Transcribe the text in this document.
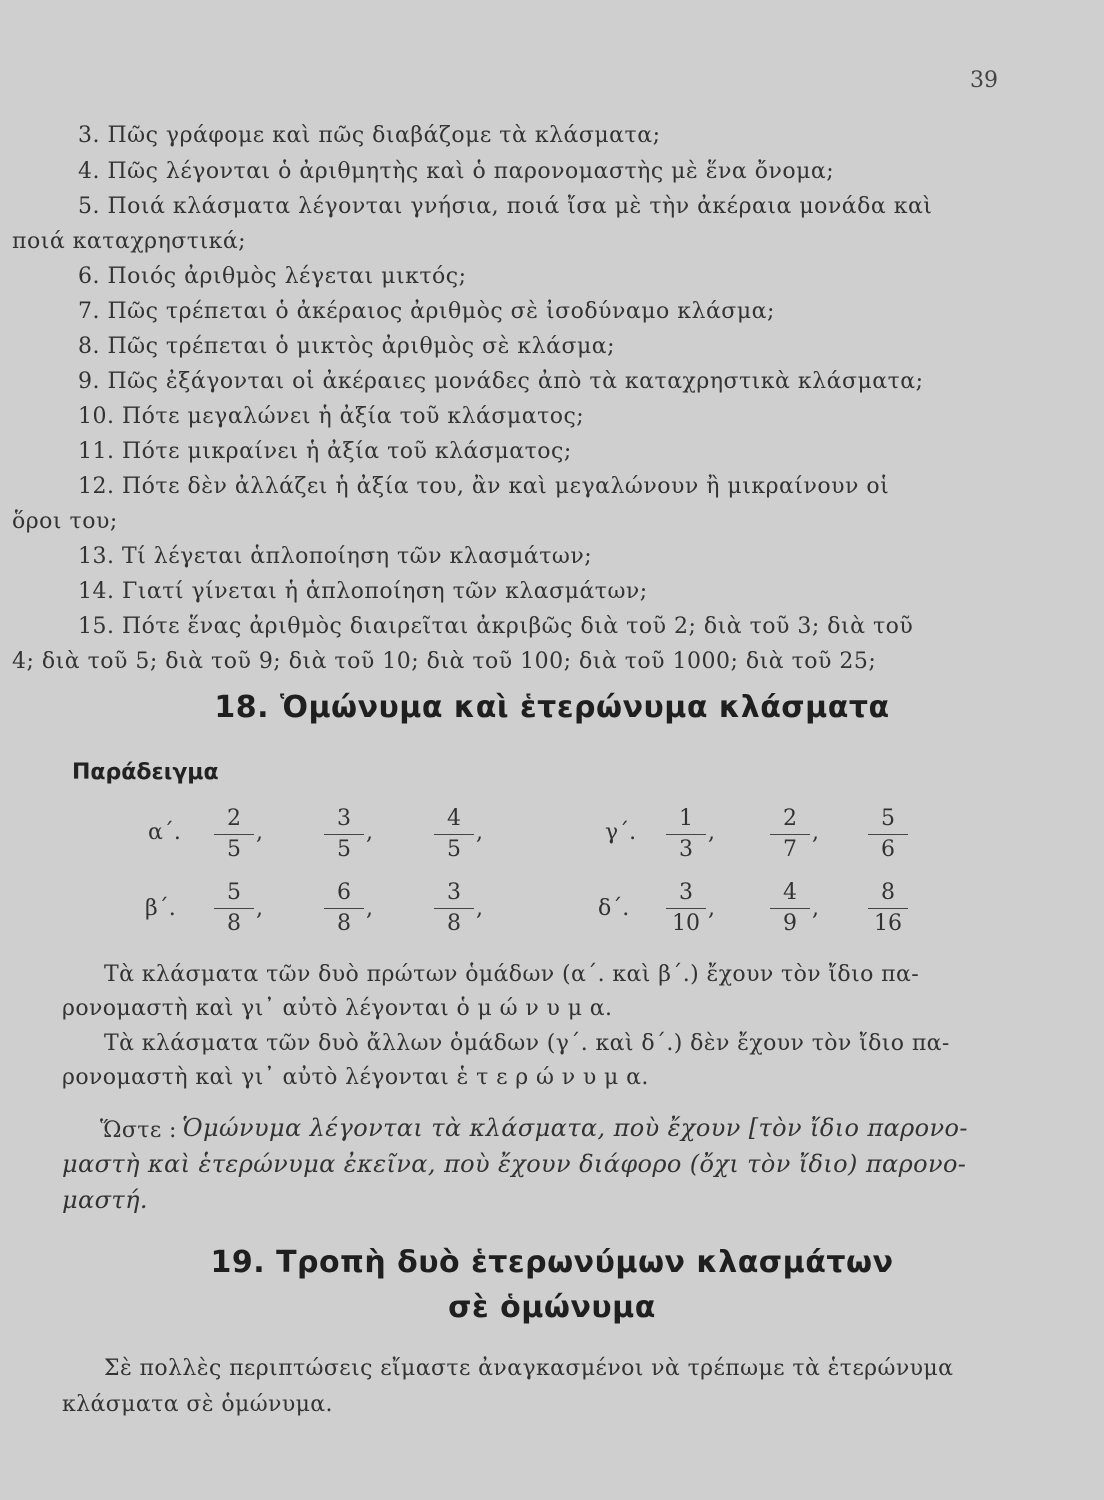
39
3. Πῶς γράφομε καὶ πῶς διαβάζομε τὰ κλάσματα;
4. Πῶς λέγονται ὁ ἀριθμητὴς καὶ ὁ παρονομαστὴς μὲ ἕνα ὄνομα;
5. Ποιά κλάσματα λέγονται γνήσια, ποιά ἴσα μὲ τὴν ἀκέραια μονάδα καὶ
ποιά καταχρηστικά;
6. Ποιός ἀριθμὸς λέγεται μικτός;
7. Πῶς τρέπεται ὁ ἀκέραιος ἀριθμὸς σὲ ἰσοδύναμο κλάσμα;
8. Πῶς τρέπεται ὁ μικτὸς ἀριθμὸς σὲ κλάσμα;
9. Πῶς ἐξάγονται οἱ ἀκέραιες μονάδες ἀπὸ τὰ καταχρηστικὰ κλάσματα;
10. Πότε μεγαλώνει ἡ ἀξία τοῦ κλάσματος;
11. Πότε μικραίνει ἡ ἀξία τοῦ κλάσματος;
12. Πότε δὲν ἀλλάζει ἡ ἀξία του, ἂν καὶ μεγαλώνουν ἢ μικραίνουν οἱ
ὅροι του;
13. Τί λέγεται ἁπλοποίηση τῶν κλασμάτων;
14. Γιατί γίνεται ἡ ἁπλοποίηση τῶν κλασμάτων;
15. Πότε ἕνας ἀριθμὸς διαιρεῖται ἀκριβῶς διὰ τοῦ 2; διὰ τοῦ 3; διὰ τοῦ
4; διὰ τοῦ 5; διὰ τοῦ 9; διὰ τοῦ 10; διὰ τοῦ 100; διὰ τοῦ 1000; διὰ τοῦ 25;
18. Ὁμώνυμα καὶ ἑτερώνυμα κλάσματα
Παράδειγμα
α΄.
2
5
,
3
5
,
4
5
,	γ΄.
1
3
,
2
7
,
5
6
β΄.
5
8
,
6
8
,
3
8
,	δ΄.
3
10
,
4
9
,
8
16
Τὰ κλάσματα τῶν δυὸ πρώτων ὁμάδων (α΄. καὶ β΄.) ἔχουν τὸν ἴδιο πα-
ρονομαστὴ καὶ γι᾽ αὐτὸ λέγονται ὁ μ ώ ν υ μ α.
Τὰ κλάσματα τῶν δυὸ ἄλλων ὁμάδων (γ΄. καὶ δ΄.) δὲν ἔχουν τὸν ἴδιο πα-
ρονομαστὴ καὶ γι᾽ αὐτὸ λέγονται ἑ τ ε ρ ώ ν υ μ α.
Ὥστε : Ὁμώνυμα λέγονται τὰ κλάσματα, ποὺ ἔχουν [τὸν ἴδιο παρονο-
μαστὴ καὶ ἑτερώνυμα ἐκεῖνα, ποὺ ἔχουν διάφορο (ὄχι τὸν ἴδιο) παρονο-
μαστή.
19. Τροπὴ δυὸ ἑτερωνύμων κλασμάτων
σὲ ὁμώνυμα
Σὲ πολλὲς περιπτώσεις εἴμαστε ἀναγκασμένοι νὰ τρέπωμε τὰ ἑτερώνυμα
κλάσματα σὲ ὁμώνυμα.
